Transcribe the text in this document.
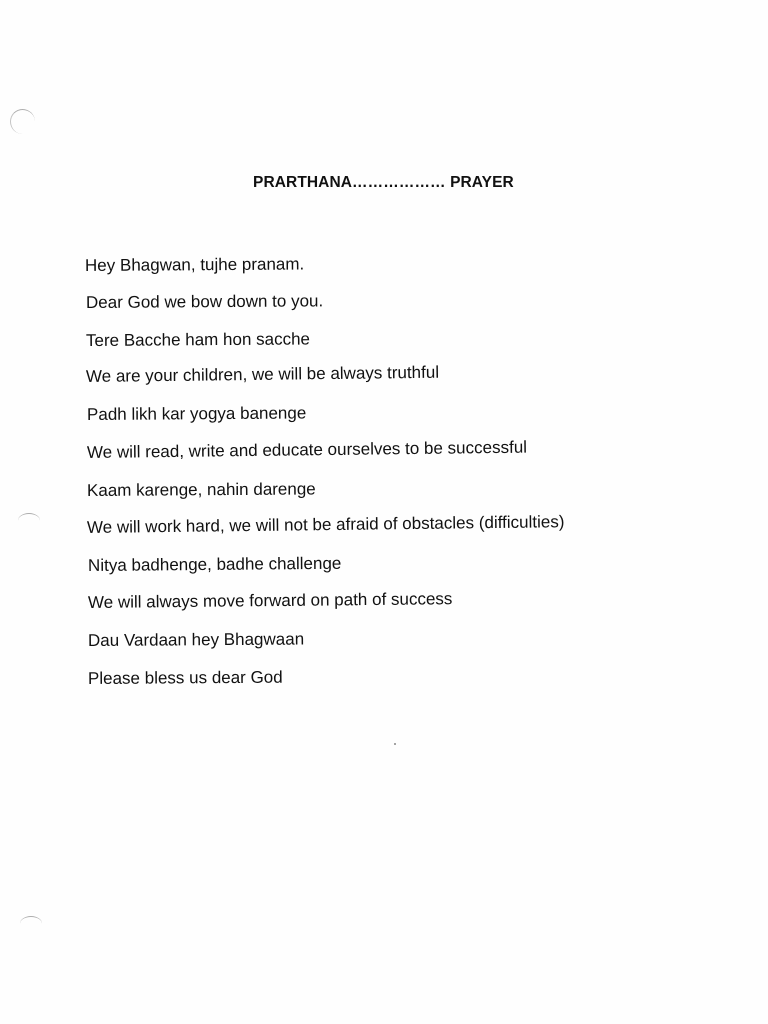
PRARTHANA……………… PRAYER
Hey Bhagwan, tujhe pranam.
Dear God we bow down to you.
Tere Bacche ham hon sacche
We are your children, we will be always truthful
Padh likh kar yogya banenge
We will read, write and educate ourselves to be successful
Kaam karenge, nahin darenge
We will work hard, we will not be afraid of obstacles (difficulties)
Nitya badhenge, badhe challenge
We will always move forward on path of success
Dau Vardaan hey Bhagwaan
Please bless us dear God
